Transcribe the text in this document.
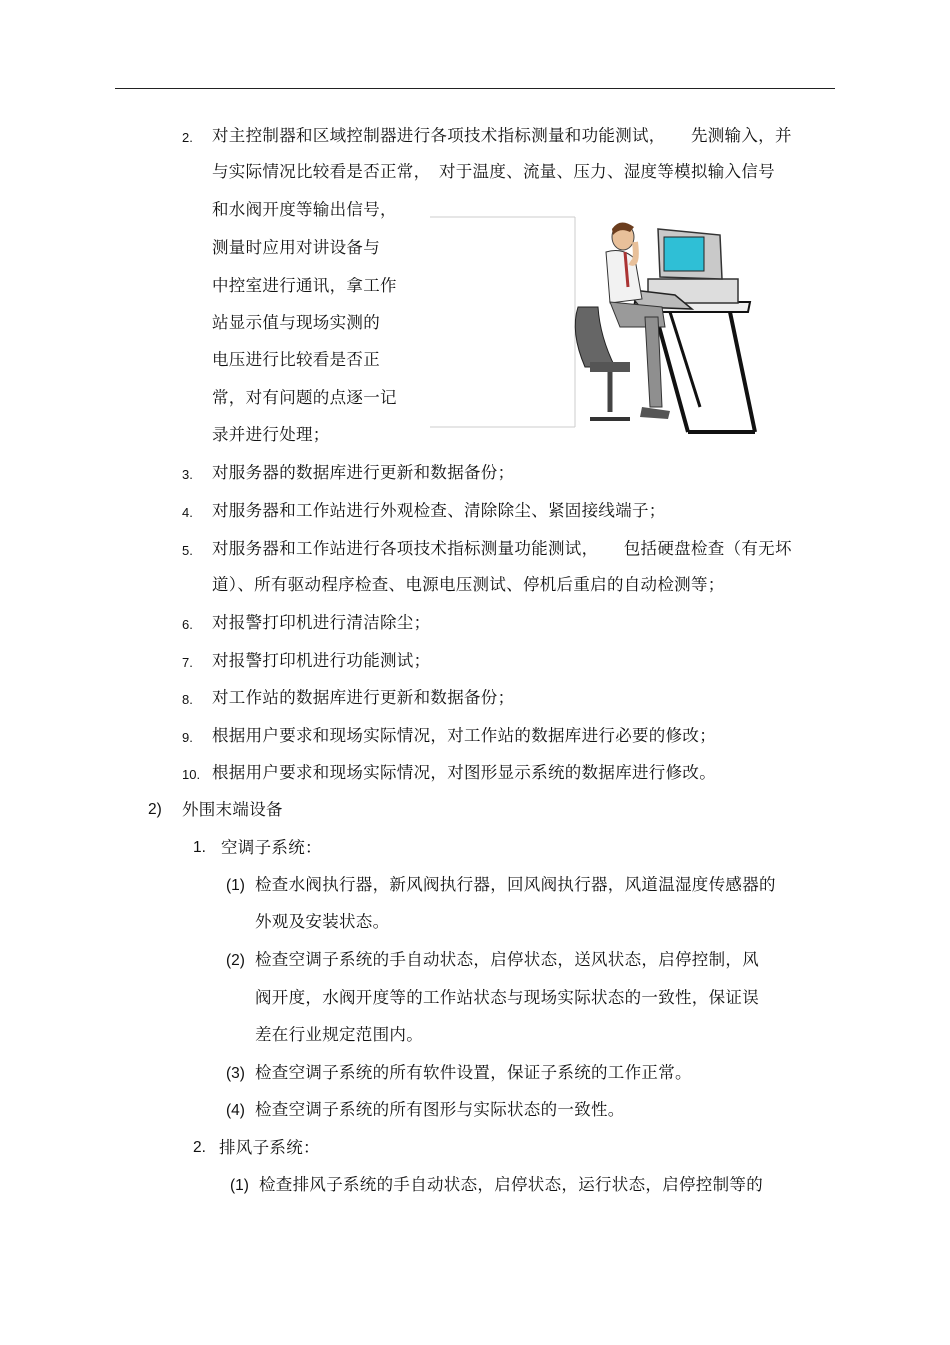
2. 对主控制器和区域控制器进行各项技术指标测量和功能测试，　　先测输入，并
与实际情况比较看是否正常，　对于温度、流量、压力、湿度等模拟输入信号
和水阀开度等输出信号，
测量时应用对讲设备与
中控室进行通讯，拿工作
站显示值与现场实测的
电压进行比较看是否正
常，对有问题的点逐一记
录并进行处理；
3. 对服务器的数据库进行更新和数据备份；
4. 对服务器和工作站进行外观检查、清除除尘、紧固接线端子；
5. 对服务器和工作站进行各项技术指标测量功能测试，　　包括硬盘检查（有无坏
道）、所有驱动程序检查、电源电压测试、停机后重启的自动检测等；
6. 对报警打印机进行清洁除尘；
7. 对报警打印机进行功能测试；
8. 对工作站的数据库进行更新和数据备份；
9. 根据用户要求和现场实际情况，对工作站的数据库进行必要的修改；
10. 根据用户要求和现场实际情况，对图形显示系统的数据库进行修改。
2) 外围末端设备
1. 空调子系统：
(1) 检查水阀执行器，新风阀执行器，回风阀执行器，风道温湿度传感器的
外观及安装状态。
(2) 检查空调子系统的手自动状态，启停状态，送风状态，启停控制，风
阀开度，水阀开度等的工作站状态与现场实际状态的一致性，保证误
差在行业规定范围内。
(3) 检查空调子系统的所有软件设置，保证子系统的工作正常。
(4) 检查空调子系统的所有图形与实际状态的一致性。
2. 排风子系统：
(1) 检查排风子系统的手自动状态，启停状态，运行状态，启停控制等的
